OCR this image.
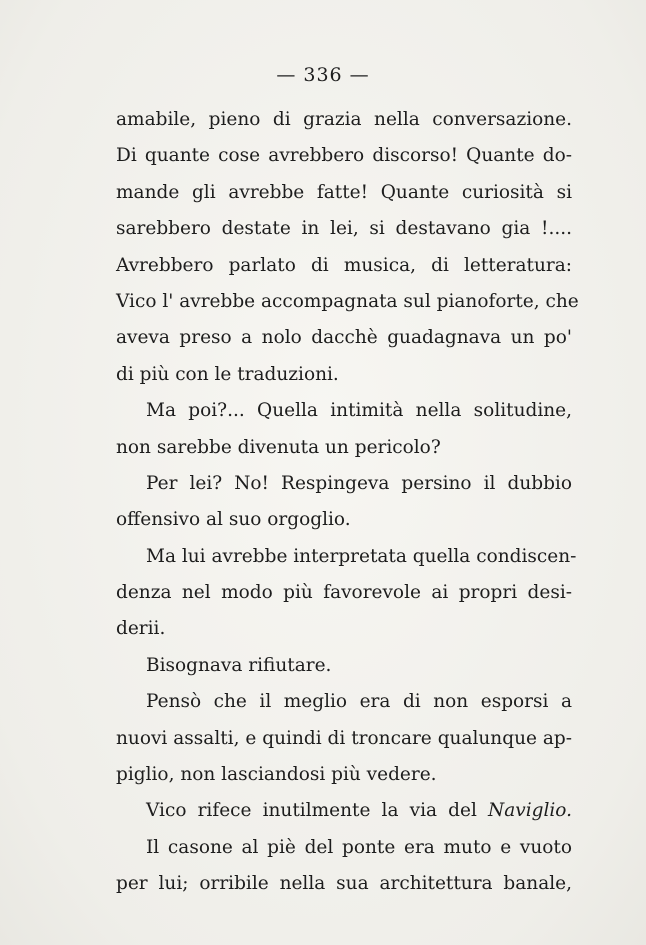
— 336 —
amabile, pieno di grazia nella conversazione.
Di quante cose avrebbero discorso! Quante do-
mande gli avrebbe fatte! Quante curiosità si
sarebbero destate in lei, si destavano gia !....
Avrebbero parlato di musica, di letteratura:
Vico l' avrebbe accompagnata sul pianoforte, che
aveva preso a nolo dacchè guadagnava un po'
di più con le traduzioni.
Ma poi?... Quella intimità nella solitudine,
non sarebbe divenuta un pericolo?
Per lei? No! Respingeva persino il dubbio
offensivo al suo orgoglio.
Ma lui avrebbe interpretata quella condiscen-
denza nel modo più favorevole ai propri desi-
derii.
Bisognava rifiutare.
Pensò che il meglio era di non esporsi a
nuovi assalti, e quindi di troncare qualunque ap-
piglio, non lasciandosi più vedere.
Vico rifece inutilmente la via del Naviglio.
Il casone al piè del ponte era muto e vuoto
per lui; orribile nella sua architettura banale,
